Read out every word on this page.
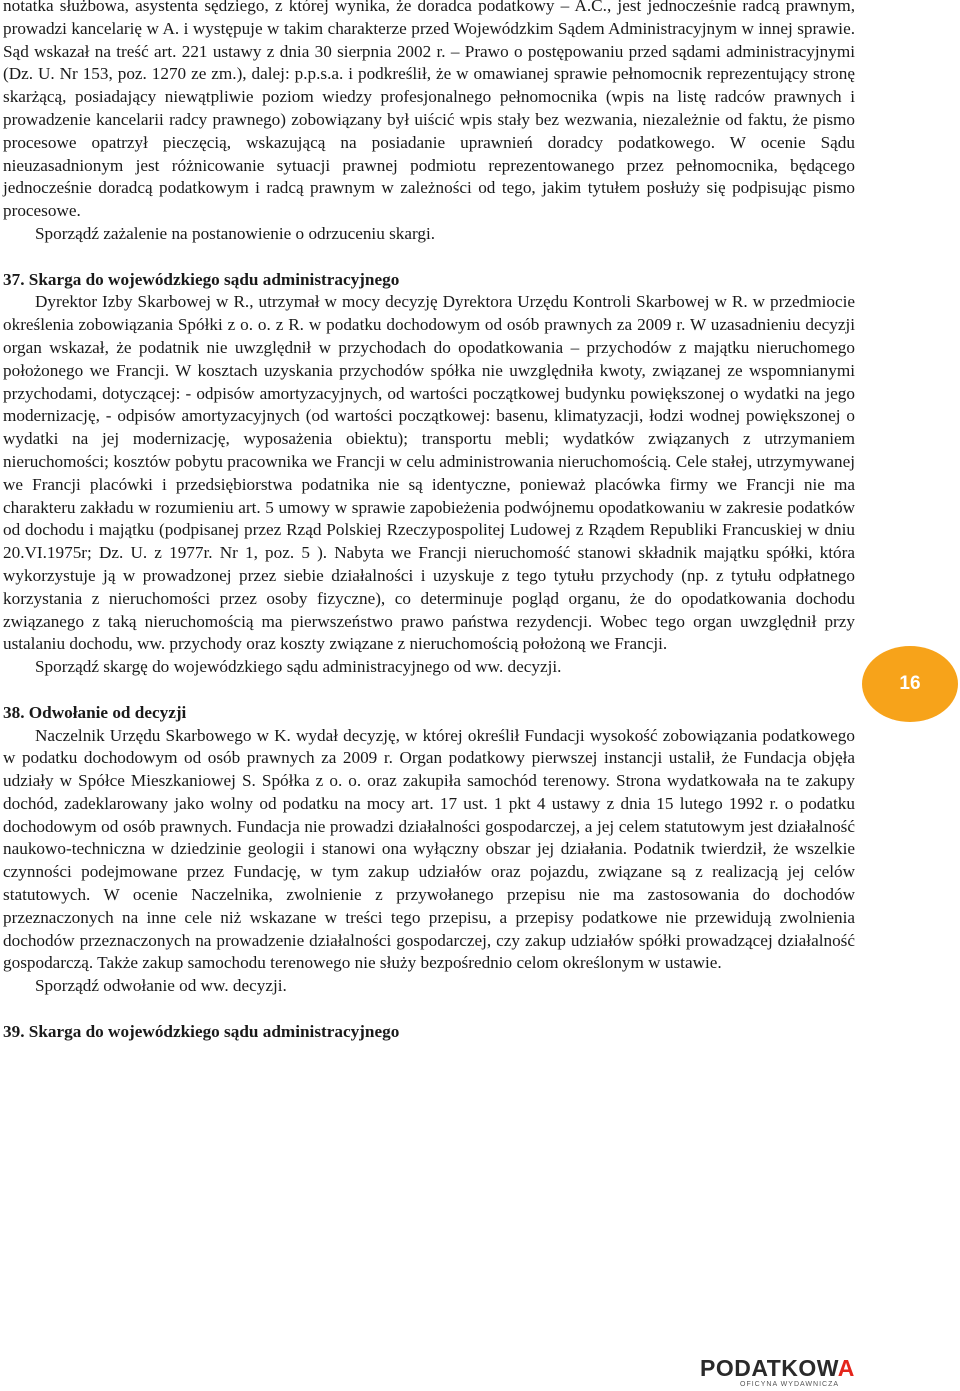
notatka służbowa, asystenta sędziego, z której wynika, że doradca podatkowy – A.C., jest jednocześnie radcą prawnym, prowadzi kancelarię w A. i występuje w takim charakterze przed Wojewódzkim Sądem Administracyjnym w innej sprawie. Sąd wskazał na treść art. 221 ustawy z dnia 30 sierpnia 2002 r. – Prawo o postępowaniu przed sądami administracyjnymi (Dz. U. Nr 153, poz. 1270 ze zm.), dalej: p.p.s.a. i podkreślił, że w omawianej sprawie pełnomocnik reprezentujący stronę skarżącą, posiadający niewątpliwie poziom wiedzy profesjonalnego pełnomocnika (wpis na listę radców prawnych i prowadzenie kancelarii radcy prawnego) zobowiązany był uiścić wpis stały bez wezwania, niezależnie od faktu, że pismo procesowe opatrzył pieczęcią, wskazującą na posiadanie uprawnień doradcy podatkowego. W ocenie Sądu nieuzasadnionym jest różnicowanie sytuacji prawnej podmiotu reprezentowanego przez pełnomocnika, będącego jednocześnie doradcą podatkowym i radcą prawnym w zależności od tego, jakim tytułem posłuży się podpisując pismo procesowe.

Sporządź zażalenie na postanowienie o odrzuceniu skargi.

37. Skarga do wojewódzkiego sądu administracyjnego

Dyrektor Izby Skarbowej w R., utrzymał w mocy decyzję Dyrektora Urzędu Kontroli Skarbowej w R. w przedmiocie określenia zobowiązania Spółki z o. o. z R. w podatku dochodowym od osób prawnych za 2009 r. W uzasadnieniu decyzji organ wskazał, że podatnik nie uwzględnił w przychodach do opodatkowania – przychodów z majątku nieruchomego położonego we Francji. W kosztach uzyskania przychodów spółka nie uwzględniła kwoty, związanej ze wspomnianymi przychodami, dotyczącej: - odpisów amortyzacyjnych, od wartości początkowej budynku powiększonej o wydatki na jego modernizację, - odpisów amortyzacyjnych (od wartości początkowej: basenu, klimatyzacji, łodzi wodnej powiększonej o wydatki na jej modernizację, wyposażenia obiektu); transportu mebli; wydatków związanych z utrzymaniem nieruchomości; kosztów pobytu pracownika we Francji w celu administrowania nieruchomością. Cele stałej, utrzymywanej we Francji placówki i przedsiębiorstwa podatnika nie są identyczne, ponieważ placówka firmy we Francji nie ma charakteru zakładu w rozumieniu art. 5 umowy w sprawie zapobieżenia podwójnemu opodatkowaniu w zakresie podatków od dochodu i majątku (podpisanej przez Rząd Polskiej Rzeczypospolitej Ludowej z Rządem Republiki Francuskiej w dniu 20.VI.1975r; Dz. U. z 1977r. Nr 1, poz. 5 ). Nabyta we Francji nieruchomość stanowi składnik majątku spółki, która wykorzystuje ją w prowadzonej przez siebie działalności i uzyskuje z tego tytułu przychody (np. z tytułu odpłatnego korzystania z nieruchomości przez osoby fizyczne), co determinuje pogląd organu, że do opodatkowania dochodu związanego z taką nieruchomością ma pierwszeństwo prawo państwa rezydencji. Wobec tego organ uwzględnił przy ustalaniu dochodu, ww. przychody oraz koszty związane z nieruchomością położoną we Francji.

Sporządź skargę do wojewódzkiego sądu administracyjnego od ww. decyzji.

38. Odwołanie od decyzji

Naczelnik Urzędu Skarbowego w K. wydał decyzję, w której określił Fundacji wysokość zobowiązania podatkowego w podatku dochodowym od osób prawnych za 2009 r. Organ podatkowy pierwszej instancji ustalił, że Fundacja objęła udziały w Spółce Mieszkaniowej S. Spółka z o. o. oraz zakupiła samochód terenowy. Strona wydatkowała na te zakupy dochód, zadeklarowany jako wolny od podatku na mocy art. 17 ust. 1 pkt 4 ustawy z dnia 15 lutego 1992 r. o podatku dochodowym od osób prawnych. Fundacja nie prowadzi działalności gospodarczej, a jej celem statutowym jest działalność naukowo-techniczna w dziedzinie geologii i stanowi ona wyłączny obszar jej działania. Podatnik twierdził, że wszelkie czynności podejmowane przez Fundację, w tym zakup udziałów oraz pojazdu, związane są z realizacją jej celów statutowych. W ocenie Naczelnika, zwolnienie z przywołanego przepisu nie ma zastosowania do dochodów przeznaczonych na inne cele niż wskazane w treści tego przepisu, a przepisy podatkowe nie przewidują zwolnienia dochodów przeznaczonych na prowadzenie działalności gospodarczej, czy zakup udziałów spółki prowadzącej działalność gospodarczą. Także zakup samochodu terenowego nie służy bezpośrednio celom określonym w ustawie.

Sporządź odwołanie od ww. decyzji.

39. Skarga do wojewódzkiego sądu administracyjnego

16
PODATKOWA
OFICYNA WYDAWNICZA
